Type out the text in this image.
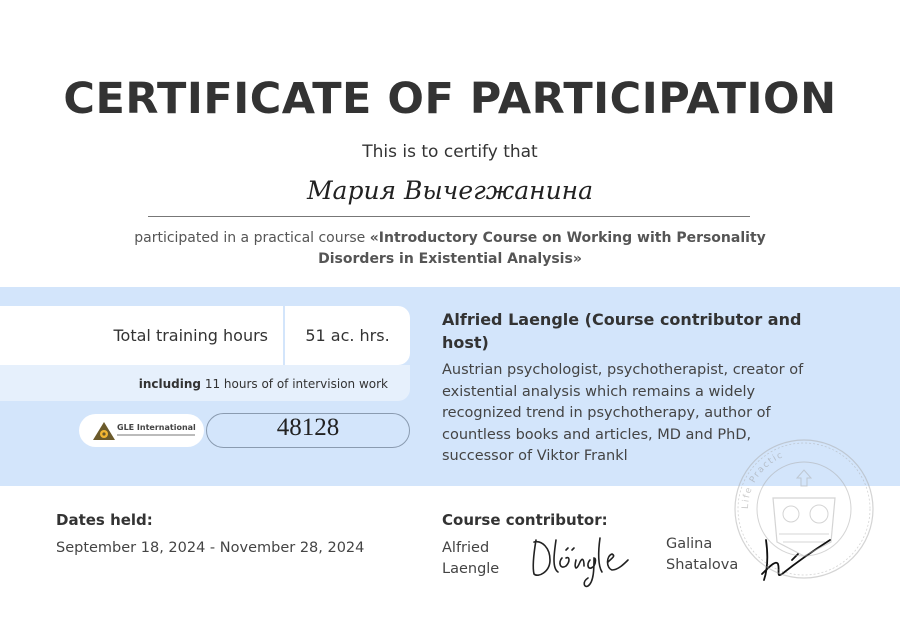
CERTIFICATE OF PARTICIPATION
This is to certify that
Мария Вычегжанина
participated in a practical course «Introductory Course on Working with Personality Disorders in Existential Analysis»
Total training hours	51 ac. hrs.
including 11 hours of of intervision work
GLE International	48128
Alfried Laengle (Course contributor and host)
Austrian psychologist, psychotherapist, creator of existential analysis which remains a widely recognized trend in psychotherapy, author of countless books and articles, MD and PhD, successor of Viktor Frankl
Dates held:
September 18, 2024 - November 28, 2024
Course contributor:
Alfried
Laengle
Galina
Shatalova
Life Practic
